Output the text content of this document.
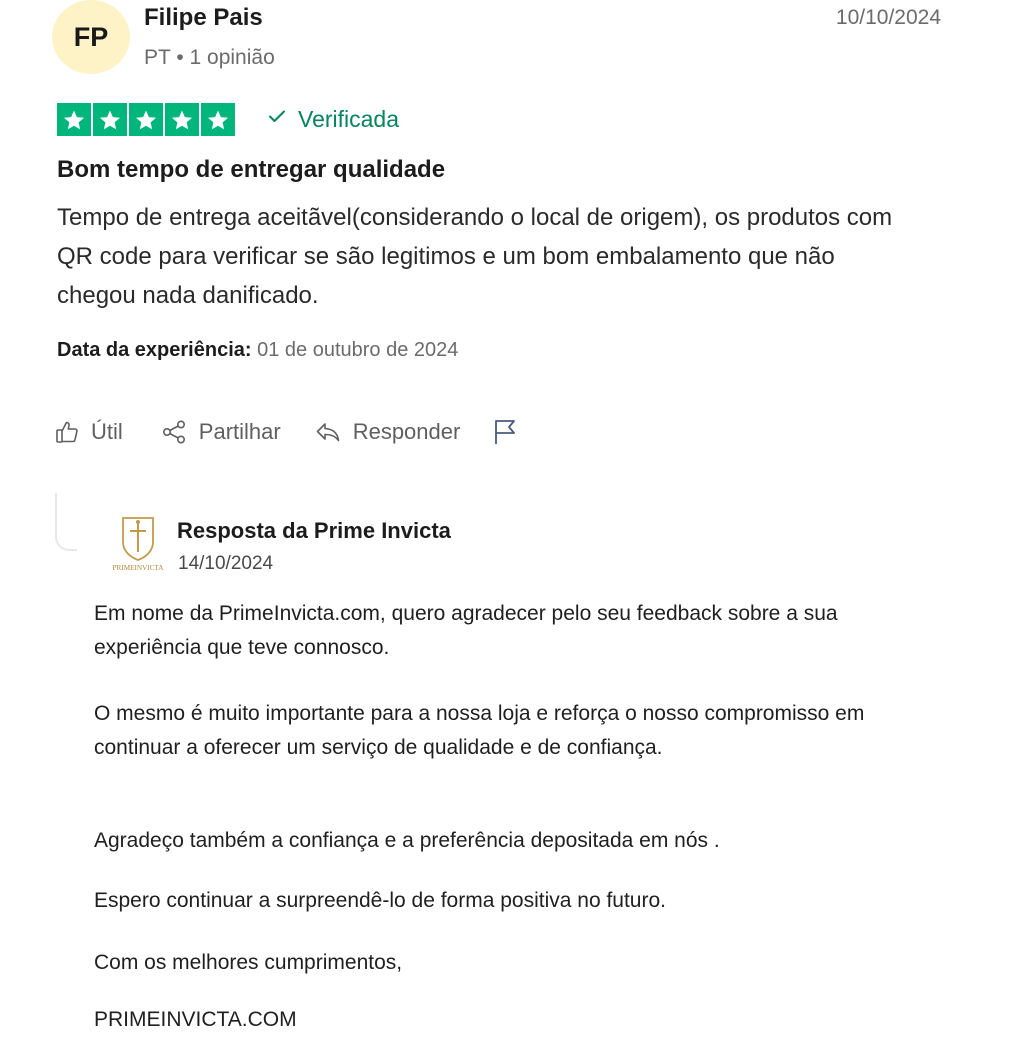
FP
Filipe Pais
PT • 1 opinião
10/10/2024
Verificada
Bom tempo de entregar qualidade

Tempo de entrega aceitãvel(considerando o local de origem), os produtos com QR code para verificar se são legitimos e um bom embalamento que não chegou nada danificado.

Data da experiência: 01 de outubro de 2024
Útil	Partilhar	Responder
PRIMEINVICTA
Resposta da Prime Invicta
14/10/2024

Em nome da PrimeInvicta.com, quero agradecer pelo seu feedback sobre a sua experiência que teve connosco.

O mesmo é muito importante para a nossa loja e reforça o nosso compromisso em continuar a oferecer um serviço de qualidade e de confiança.

Agradeço também a confiança e a preferência depositada em nós .

Espero continuar a surpreendê-lo de forma positiva no futuro.

Com os melhores cumprimentos,

PRIMEINVICTA.COM
